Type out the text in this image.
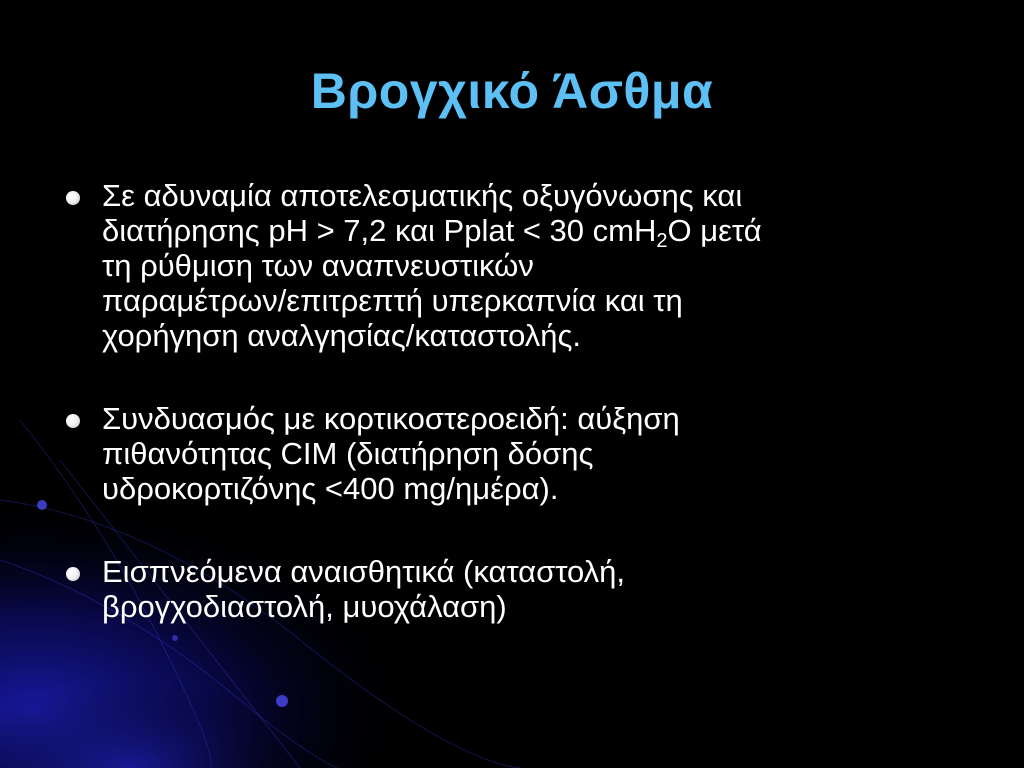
Βρογχικό Άσθμα
Σε αδυναμία αποτελεσματικής οξυγόνωσης και
διατήρησης pH > 7,2 και Pplat < 30 cmH$_2$O μετά
τη ρύθμιση των αναπνευστικών
παραμέτρων/επιτρεπτή υπερκαπνία και τη
χορήγηση αναλγησίας/καταστολής.
Συνδυασμός με κορτικοστεροειδή: αύξηση
πιθανότητας CIM (διατήρηση δόσης
υδροκορτιζόνης <400 mg/ημέρα).
Εισπνεόμενα αναισθητικά (καταστολή,
βρογχοδιαστολή, μυοχάλαση)
